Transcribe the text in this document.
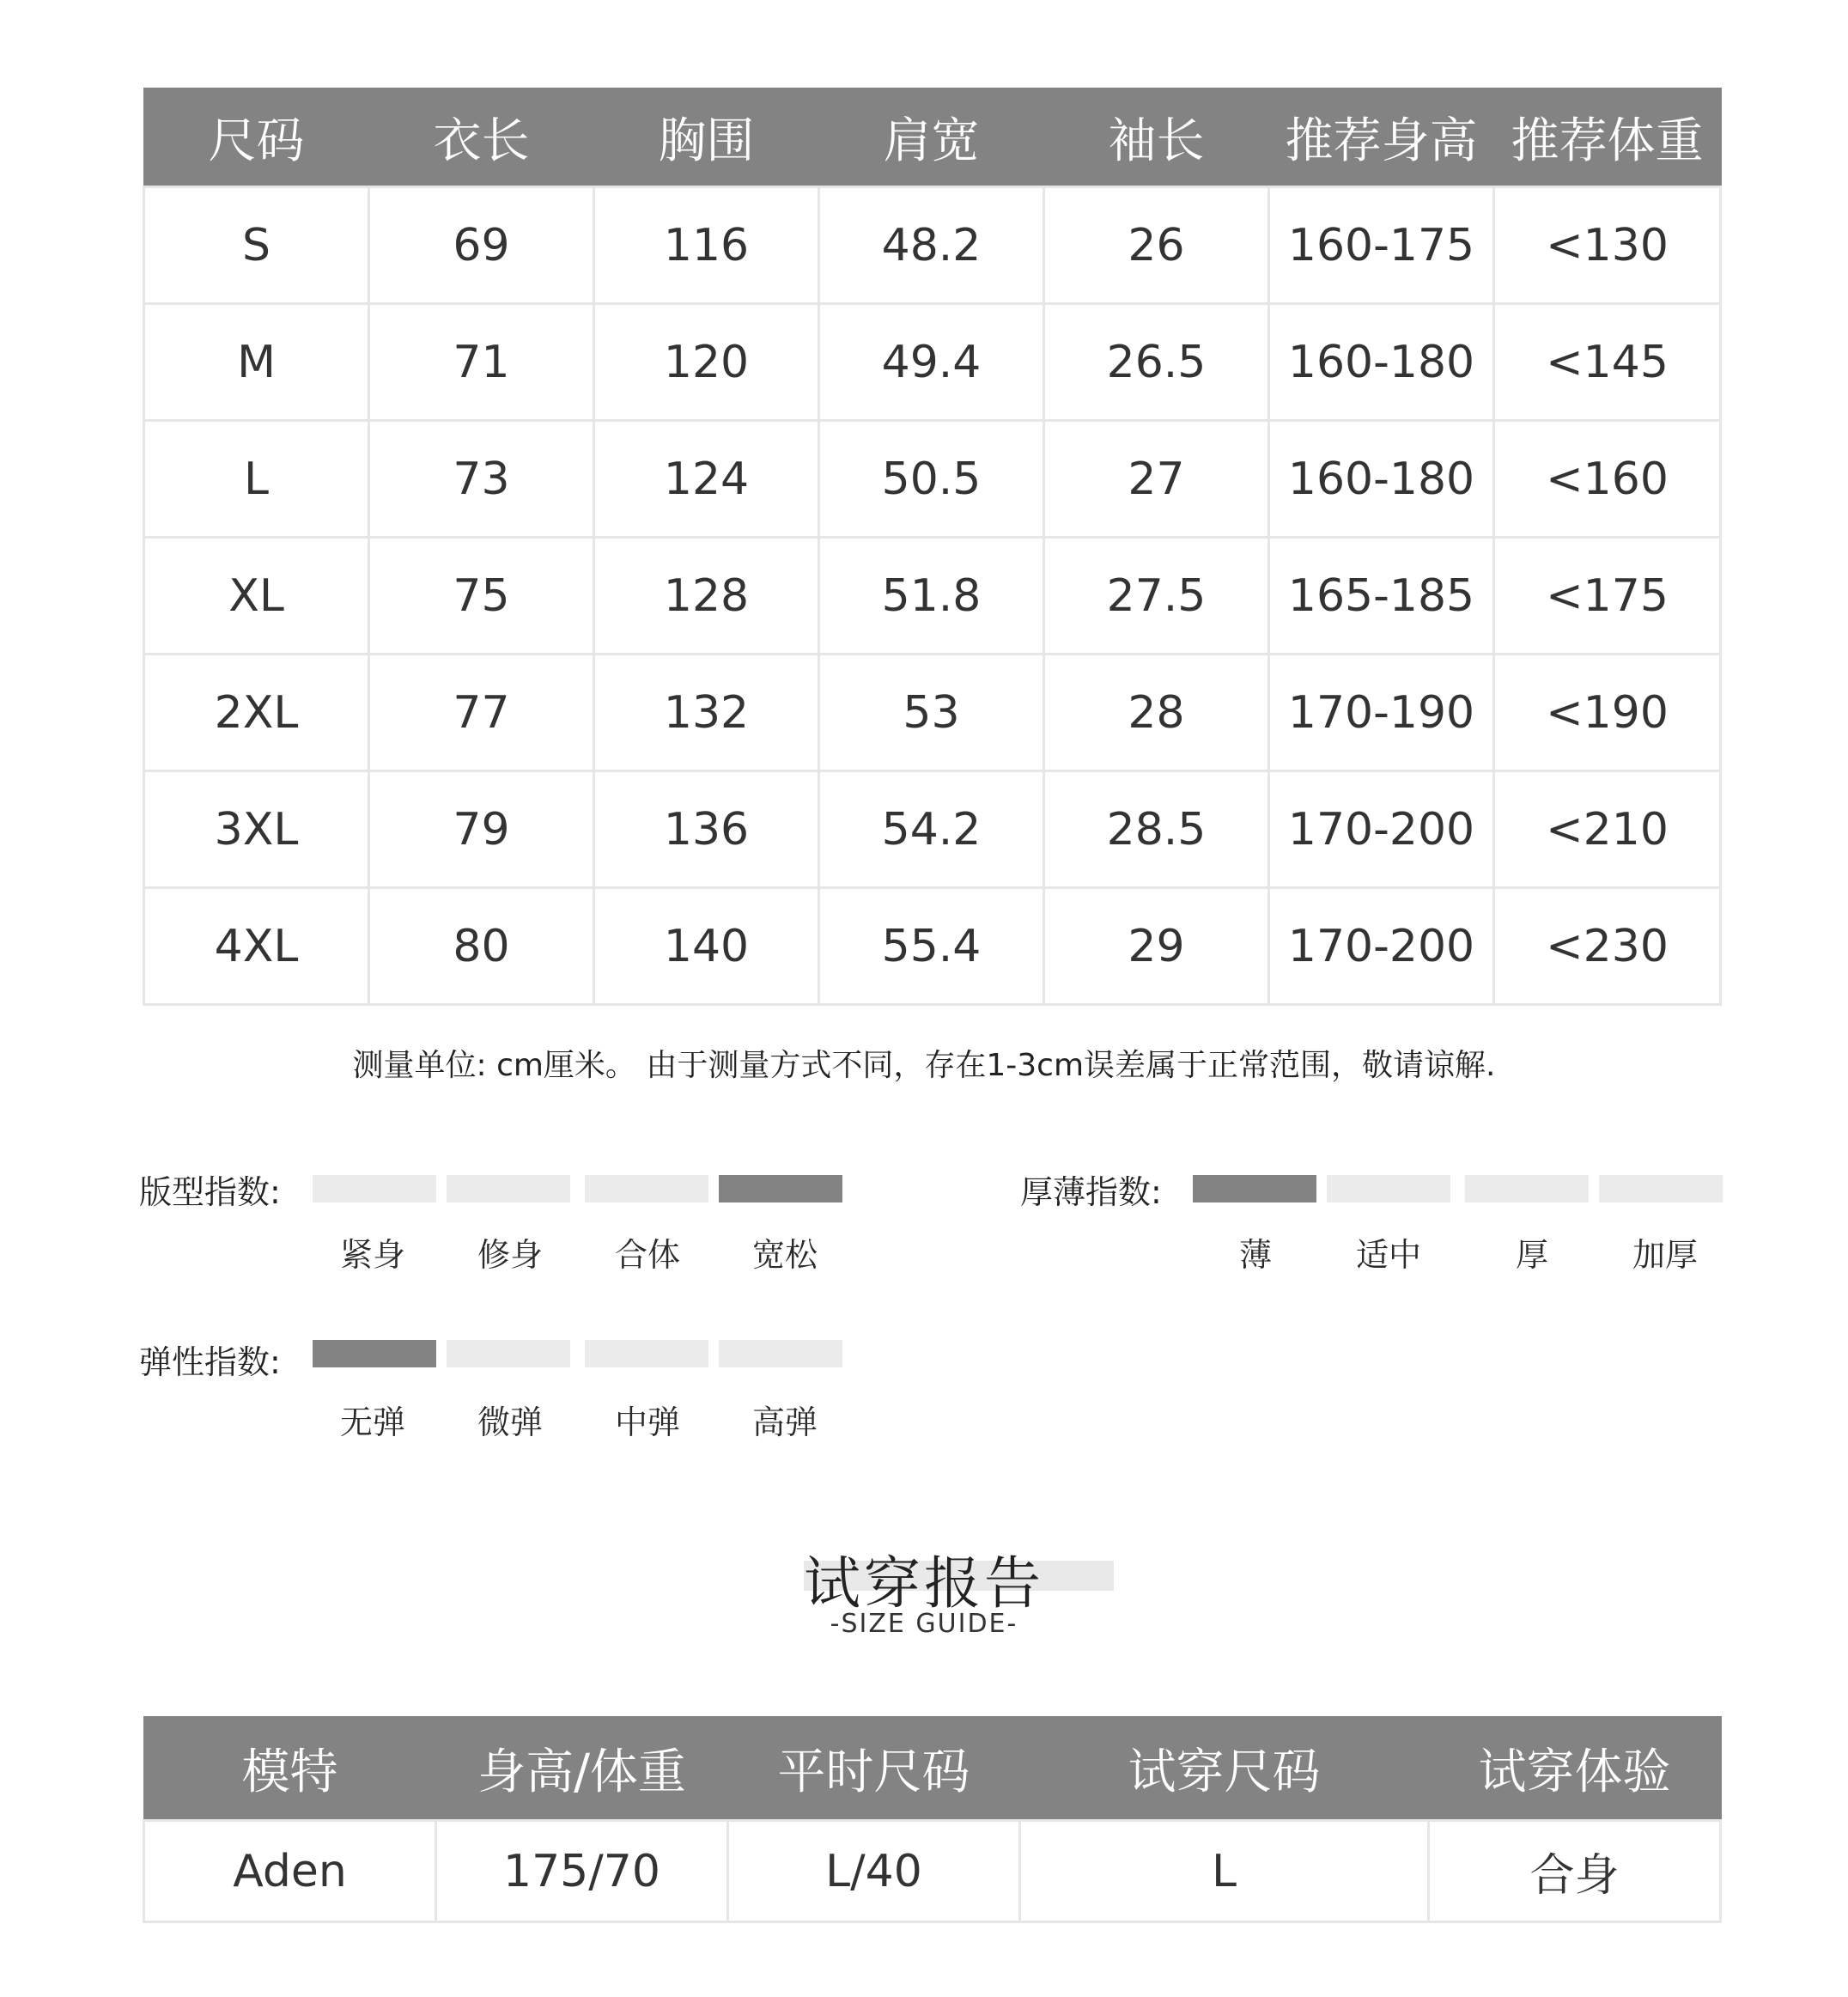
尺码	衣长	胸围	肩宽	袖长	推荐身高	推荐体重
S	69	116	48.2	26	160-175	<130
M	71	120	49.4	26.5	160-180	<145
L	73	124	50.5	27	160-180	<160
XL	75	128	51.8	27.5	165-185	<175
2XL	77	132	53	28	170-190	<190
3XL	79	136	54.2	28.5	170-200	<210
4XL	80	140	55.4	29	170-200	<230
测量单位: cm厘米。 由于测量方式不同，存在1-3cm误差属于正常范围，敬请谅解.
版型指数:
紧身	修身	合体	宽松
厚薄指数:
薄	适中	厚	加厚
弹性指数:
无弹	微弹	中弹	高弹
试穿报告
-SIZE GUIDE-
模特	身高/体重	平时尺码	试穿尺码	试穿体验
Aden	175/70	L/40	L	合身
